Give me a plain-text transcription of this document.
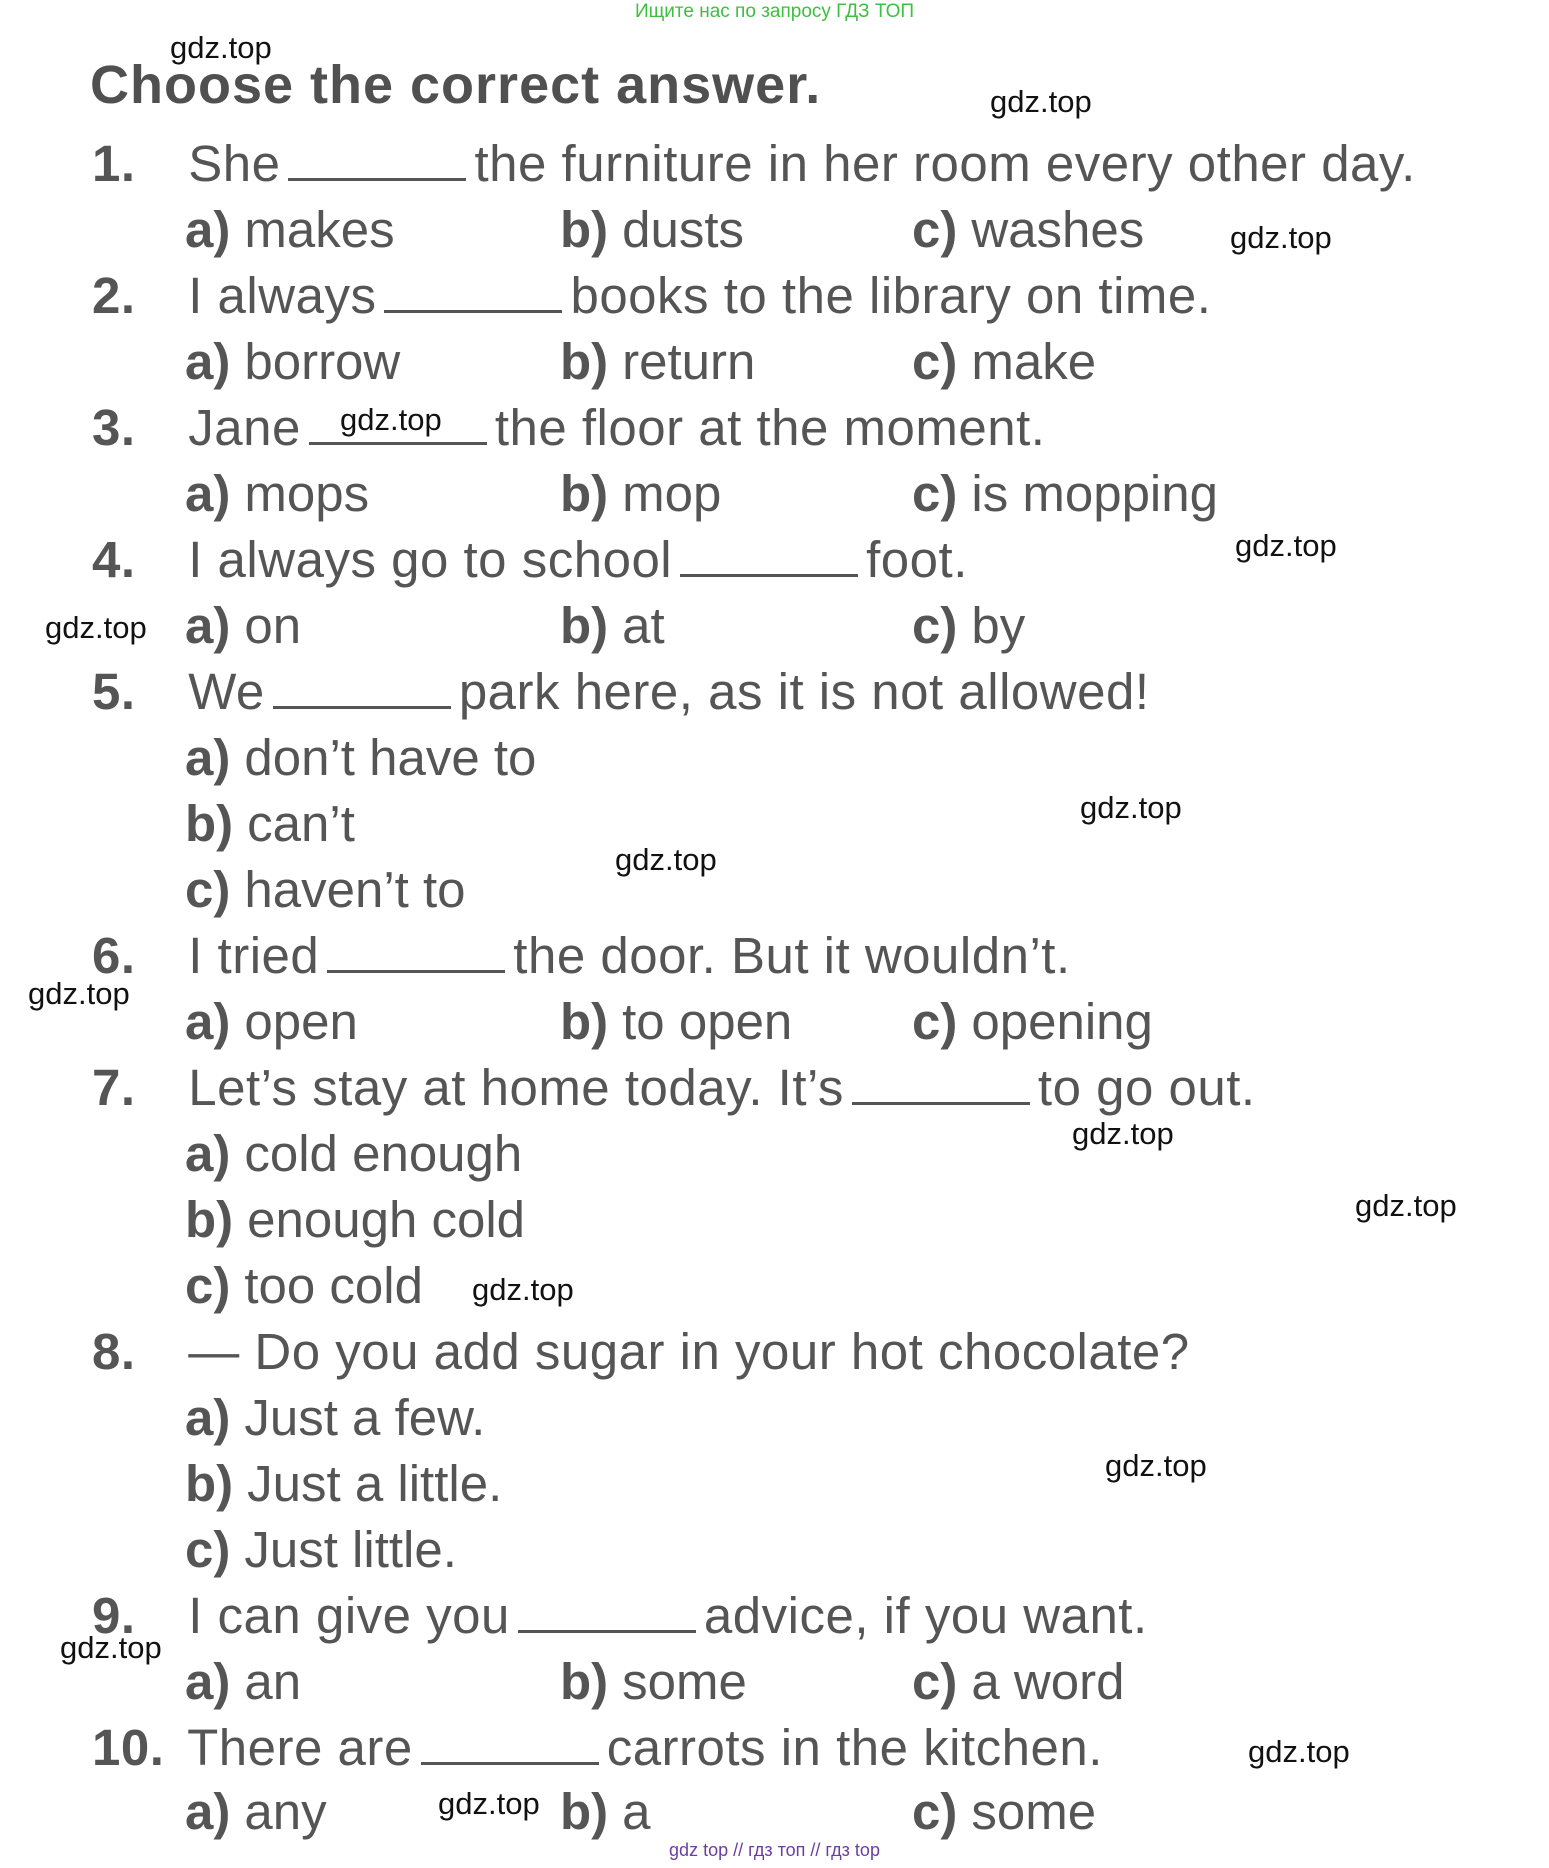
Ищите нас по запросу ГДЗ ТОП
Choose the correct answer.
1. She	the furniture in her room every other day.
a) makes	b) dusts	c) washes
2. I always	books to the library on time.
a) borrow	b) return	c) make
3. Jane	the floor at the moment.
a) mops	b) mop	c) is mopping
4. I always go to school	foot.
a) on	b) at	c) by
5. We	park here, as it is not allowed!
a) don’t have to
b) can’t
c) haven’t to
6. I tried	the door. But it wouldn’t.
a) open	b) to open c) opening
7. Let’s stay at home today. It’s	to go out.
a) cold enough
b) enough cold
c) too cold
8. — Do you add sugar in your hot chocolate?
a) Just a few.
b) Just a little.
c) Just little.
9. I can give you	advice, if you want.
a) an	b) some	c) a word
10. There are	carrots in the kitchen.
a) any	b) a	c) some
gdz.top
gdz.top
gdz.top
gdz.top
gdz.top
gdz.top
gdz.top
gdz.top
gdz.top
gdz.top
gdz.top
gdz.top
gdz.top
gdz.top
gdz.top
gdz.top
gdz top // гдз топ // гдз top
